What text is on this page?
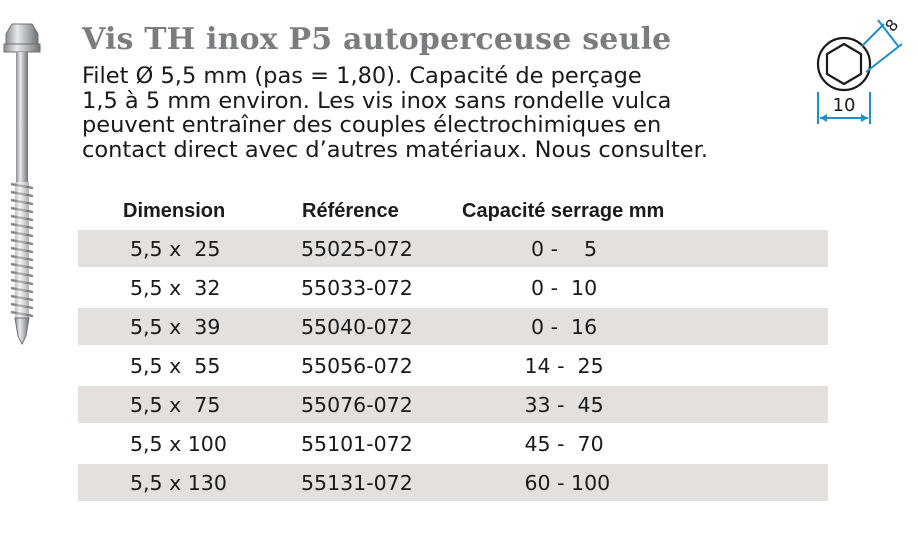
Vis TH inox P5 autoperceuse seule
Filet Ø 5,5 mm (pas = 1,80). Capacité de perçage
1,5 à 5 mm environ. Les vis inox sans rondelle vulca
peuvent entraîner des couples électrochimiques en
contact direct avec d’autres matériaux. Nous consulter.
10
8
Dimension	Référence	Capacité serrage mm
5,5 x  25	55025-072	0 -    5
5,5 x  32	55033-072	0 -  10
5,5 x  39	55040-072	0 -  16
5,5 x  55	55056-072	14 -  25
5,5 x  75	55076-072	33 -  45
5,5 x 100	55101-072	45 -  70
5,5 x 130	55131-072	60 - 100
